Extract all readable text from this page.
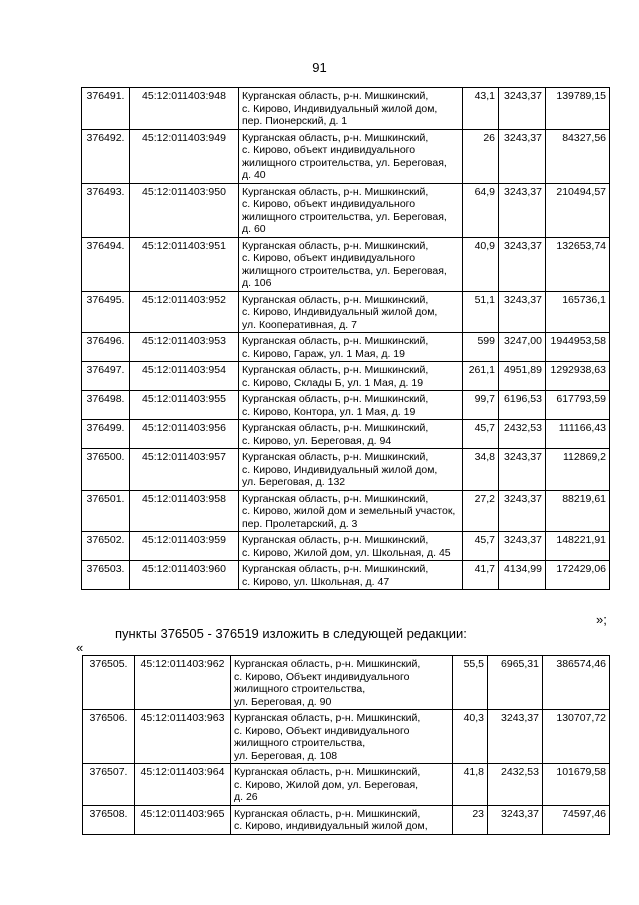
91
376491.	45:12:011403:948	Курганская область, р-н. Мишкинский,
с. Кирово, Индивидуальный жилой дом,
пер. Пионерский, д. 1	43,1	3243,37	139789,15
376492.	45:12:011403:949	Курганская область, р-н. Мишкинский,
с. Кирово, объект индивидуального
жилищного строительства, ул. Береговая,
д. 40	26	3243,37	84327,56
376493.	45:12:011403:950	Курганская область, р-н. Мишкинский,
с. Кирово, объект индивидуального
жилищного строительства, ул. Береговая,
д. 60	64,9	3243,37	210494,57
376494.	45:12:011403:951	Курганская область, р-н. Мишкинский,
с. Кирово, объект индивидуального
жилищного строительства, ул. Береговая,
д. 106	40,9	3243,37	132653,74
376495.	45:12:011403:952	Курганская область, р-н. Мишкинский,
с. Кирово, Индивидуальный жилой дом,
ул. Кооперативная, д. 7	51,1	3243,37	165736,1
376496.	45:12:011403:953	Курганская область, р-н. Мишкинский,
с. Кирово, Гараж, ул. 1 Мая, д. 19	599	3247,00	1944953,58
376497.	45:12:011403:954	Курганская область, р-н. Мишкинский,
с. Кирово, Склады Б, ул. 1 Мая, д. 19	261,1	4951,89	1292938,63
376498.	45:12:011403:955	Курганская область, р-н. Мишкинский,
с. Кирово, Контора, ул. 1 Мая, д. 19	99,7	6196,53	617793,59
376499.	45:12:011403:956	Курганская область, р-н. Мишкинский,
с. Кирово, ул. Береговая, д. 94	45,7	2432,53	111166,43
376500.	45:12:011403:957	Курганская область, р-н. Мишкинский,
с. Кирово, Индивидуальный жилой дом,
ул. Береговая, д. 132	34,8	3243,37	112869,2
376501.	45:12:011403:958	Курганская область, р-н. Мишкинский,
с. Кирово, жилой дом и земельный участок,
пер. Пролетарский, д. 3	27,2	3243,37	88219,61
376502.	45:12:011403:959	Курганская область, р-н. Мишкинский,
с. Кирово, Жилой дом, ул. Школьная, д. 45	45,7	3243,37	148221,91
376503.	45:12:011403:960	Курганская область, р-н. Мишкинский,
с. Кирово, ул. Школьная, д. 47	41,7	4134,99	172429,06
»;
пункты 376505 - 376519 изложить в следующей редакции:
«
376505.	45:12:011403:962	Курганская область, р-н. Мишкинский,
с. Кирово, Объект индивидуального
жилищного строительства,
ул. Береговая, д. 90	55,5	6965,31	386574,46
376506.	45:12:011403:963	Курганская область, р-н. Мишкинский,
с. Кирово, Объект индивидуального
жилищного строительства,
ул. Береговая, д. 108	40,3	3243,37	130707,72
376507.	45:12:011403:964	Курганская область, р-н. Мишкинский,
с. Кирово, Жилой дом, ул. Береговая,
д. 26	41,8	2432,53	101679,58
376508.	45:12:011403:965	Курганская область, р-н. Мишкинский,
с. Кирово, индивидуальный жилой дом,	23	3243,37	74597,46
